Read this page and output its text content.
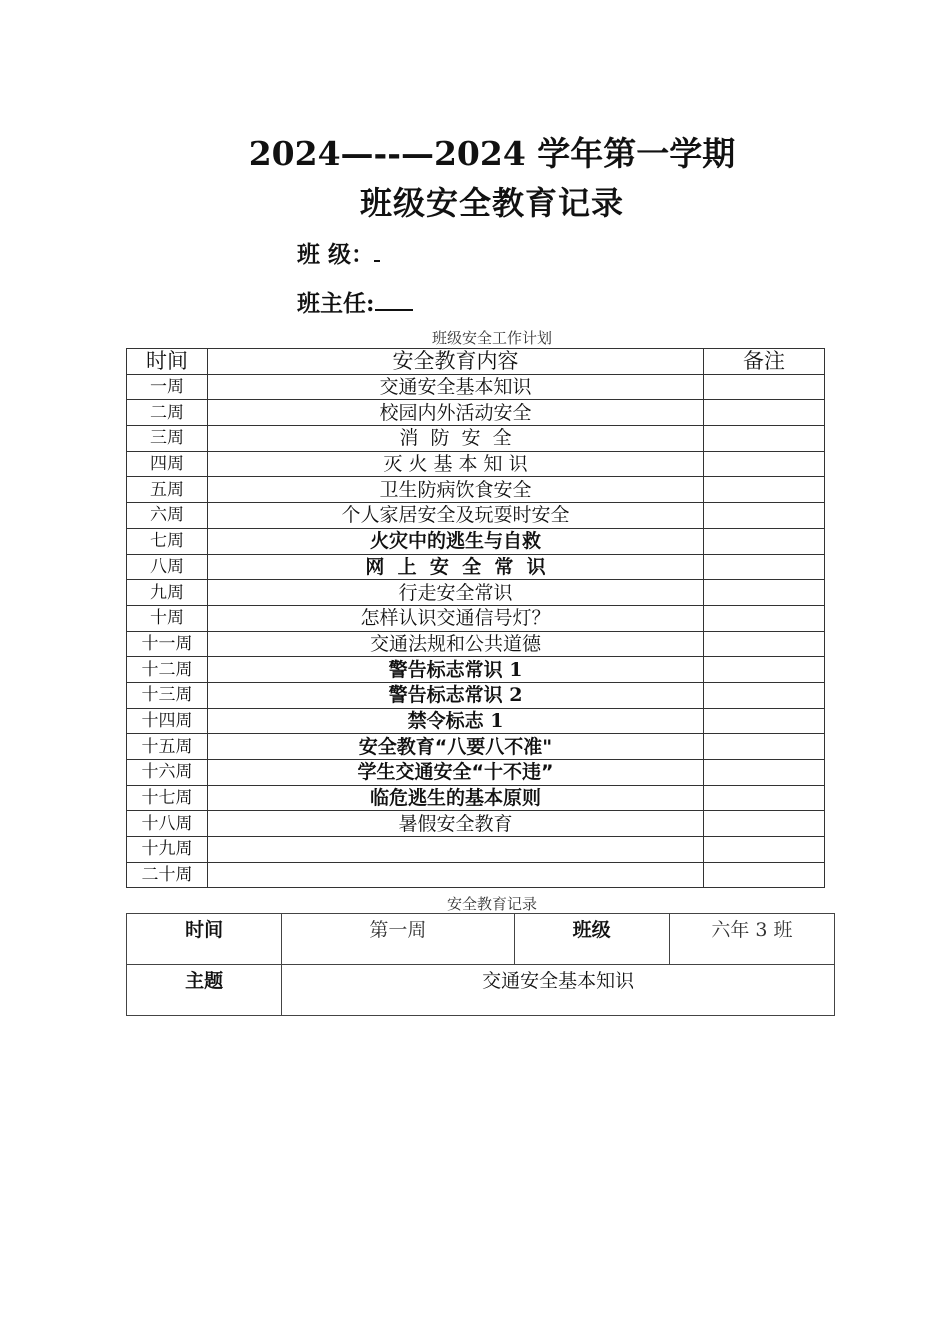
2024—--—2024 学年第一学期
班级安全教育记录
班 级：
班主任:
班级安全工作计划
时间	安全教育内容	备注
一周	交通安全基本知识	
二周	校园内外活动安全	
三周	消  防  安  全	
四周	灭 火 基 本 知 识	
五周	卫生防病饮食安全	
六周	个人家居安全及玩耍时安全	
七周	火灾中的逃生与自救	
八周	网  上  安  全  常  识	
九周	行走安全常识	
十周	怎样认识交通信号灯？	
十一周	交通法规和公共道德	
十二周	警告标志常识 1	
十三周	警告标志常识 2	
十四周	禁令标志 1	
十五周	安全教育“八要八不准"	
十六周	学生交通安全“十不违”	
十七周	临危逃生的基本原则	
十八周	暑假安全教育	
十九周		
二十周		
安全教育记录
时间	第一周	班级	六年 3 班
主题	交通安全基本知识		
